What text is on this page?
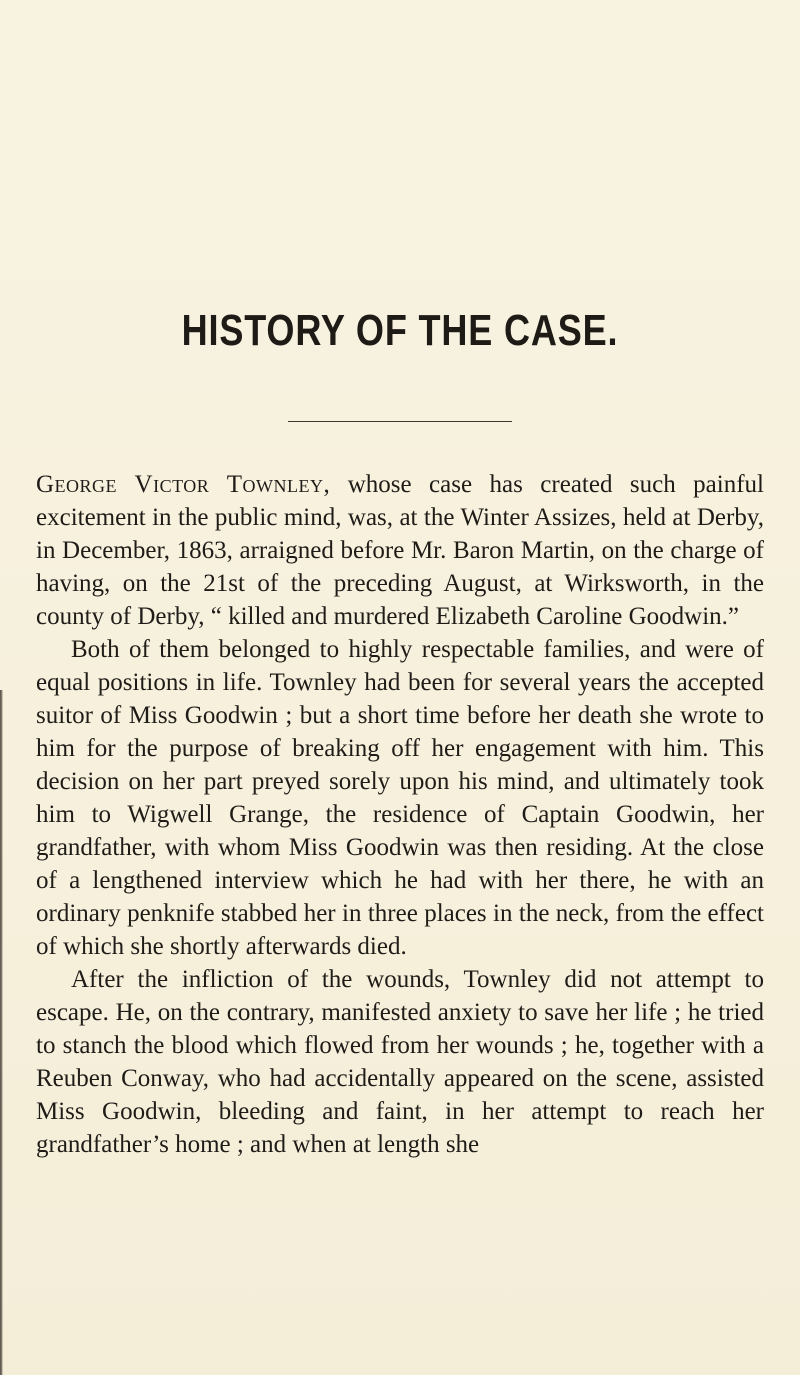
HISTORY OF THE CASE.

George Victor Townley, whose case has created such painful excitement in the public mind, was, at the Winter Assizes, held at Derby, in December, 1863, arraigned before Mr. Baron Martin, on the charge of having, on the 21st of the preceding August, at Wirksworth, in the county of Derby, “ killed and murdered Elizabeth Caroline Goodwin.”

Both of them belonged to highly respectable families, and were of equal positions in life. Townley had been for several years the accepted suitor of Miss Goodwin ; but a short time before her death she wrote to him for the purpose of breaking off her engagement with him. This decision on her part preyed sorely upon his mind, and ultimately took him to Wigwell Grange, the residence of Captain Goodwin, her grandfather, with whom Miss Goodwin was then residing. At the close of a lengthened interview which he had with her there, he with an ordinary penknife stabbed her in three places in the neck, from the effect of which she shortly afterwards died.

After the infliction of the wounds, Townley did not attempt to escape. He, on the contrary, manifested anxiety to save her life ; he tried to stanch the blood which flowed from her wounds ; he, together with a Reuben Conway, who had accidentally appeared on the scene, assisted Miss Goodwin, bleeding and faint, in her attempt to reach her grandfather’s home ; and when at length she
